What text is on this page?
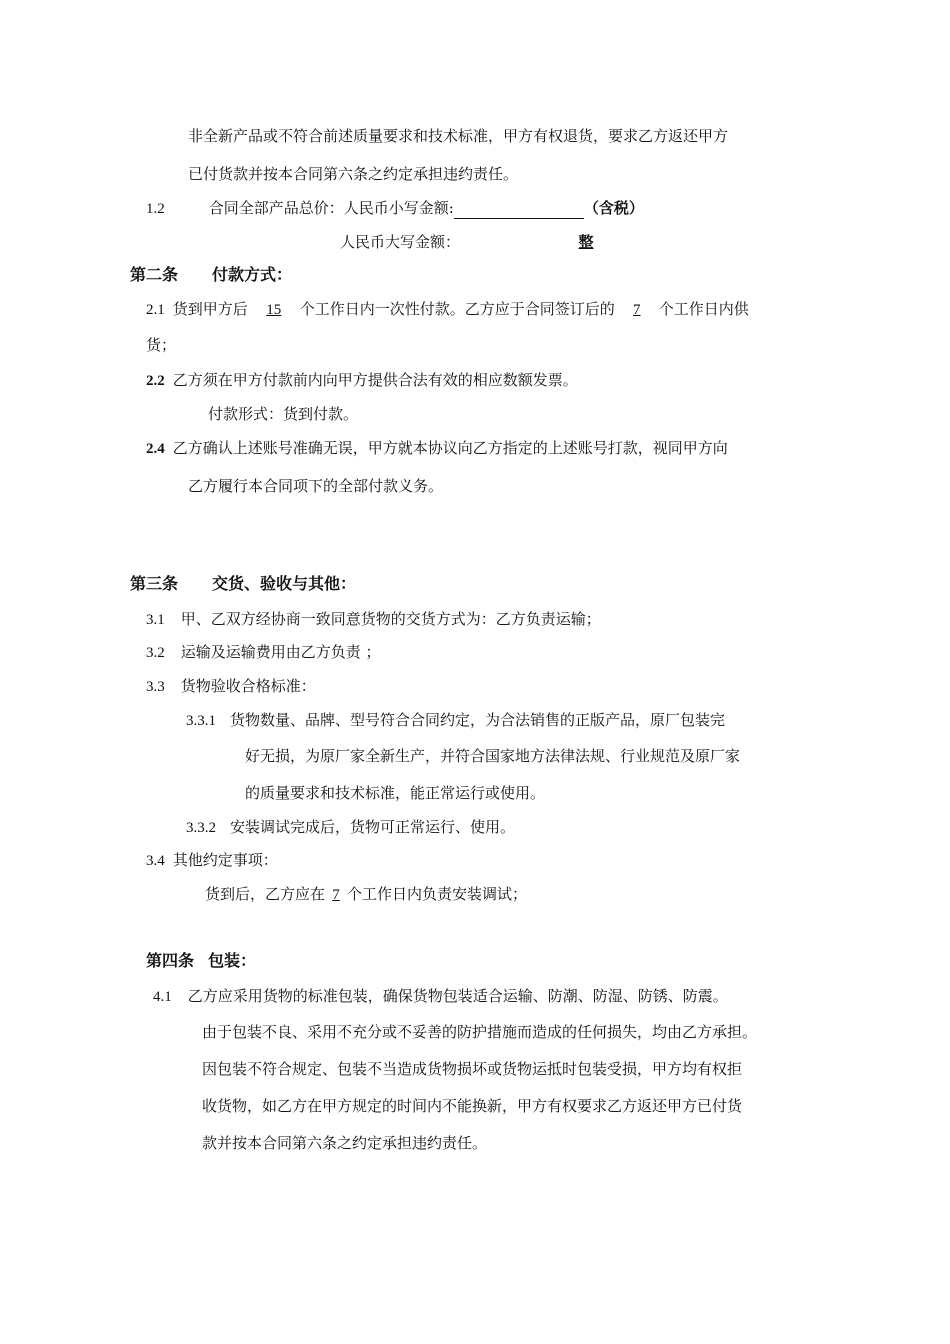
非全新产品或不符合前述质量要求和技术标准，甲方有权退货，要求乙方返还甲方
已付货款并按本合同第六条之约定承担违约责任。
1.2	合同全部产品总价：人民币小写金额:	（含税）
人民币大写金额：	整
第二条 付款方式：
2.1 货到甲方后 15 个工作日内一次性付款。乙方应于合同签订后的 7 个工作日内供
货；
2.2 乙方须在甲方付款前内向甲方提供合法有效的相应数额发票。
付款形式：货到付款。
2.4 乙方确认上述账号准确无误，甲方就本协议向乙方指定的上述账号打款，视同甲方向
乙方履行本合同项下的全部付款义务。
第三条 交货、验收与其他：
3.1 甲、乙双方经协商一致同意货物的交货方式为：乙方负责运输；
3.2 运输及运输费用由乙方负责 ；
3.3 货物验收合格标准：
3.3.1 货物数量、品牌、型号符合合同约定，为合法销售的正版产品，原厂包装完
好无损，为原厂家全新生产，并符合国家地方法律法规、行业规范及原厂家
的质量要求和技术标准，能正常运行或使用。
3.3.2 安装调试完成后，货物可正常运行、使用。
3.4 其他约定事项：
货到后，乙方应在 7 个工作日内负责安装调试；
第四条 包装：
4.1 乙方应采用货物的标准包装，确保货物包装适合运输、防潮、防湿、防锈、防震。
由于包装不良、采用不充分或不妥善的防护措施而造成的任何损失，均由乙方承担。
因包装不符合规定、包装不当造成货物损坏或货物运抵时包装受损，甲方均有权拒
收货物，如乙方在甲方规定的时间内不能换新，甲方有权要求乙方返还甲方已付货
款并按本合同第六条之约定承担违约责任。
